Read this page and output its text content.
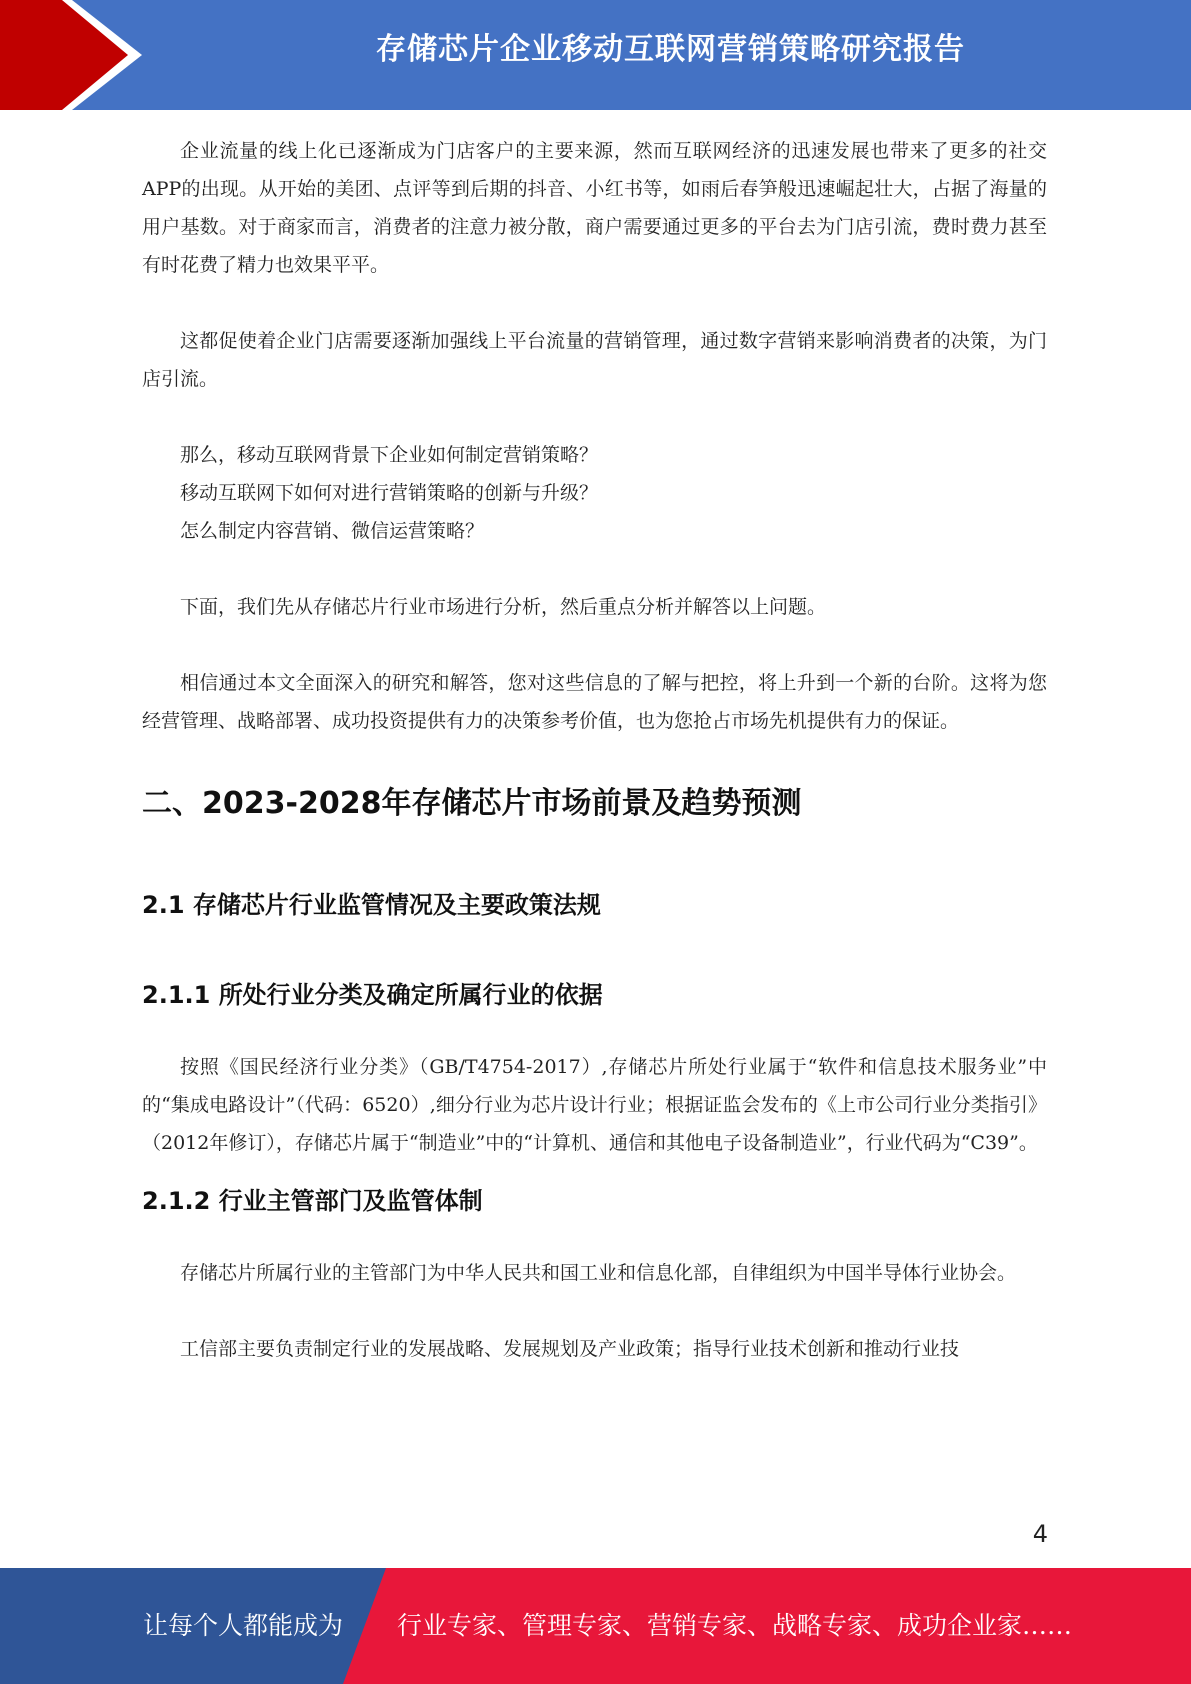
存储芯片企业移动互联网营销策略研究报告

企业流量的线上化已逐渐成为门店客户的主要来源，然而互联网经济的迅速发展也带来了更多的社交APP的出现。从开始的美团、点评等到后期的抖音、小红书等，如雨后春笋般迅速崛起壮大，占据了海量的用户基数。对于商家而言，消费者的注意力被分散，商户需要通过更多的平台去为门店引流，费时费力甚至有时花费了精力也效果平平。

这都促使着企业门店需要逐渐加强线上平台流量的营销管理，通过数字营销来影响消费者的决策，为门店引流。

那么，移动互联网背景下企业如何制定营销策略？

移动互联网下如何对进行营销策略的创新与升级？

怎么制定内容营销、微信运营策略？

下面，我们先从存储芯片行业市场进行分析，然后重点分析并解答以上问题。

相信通过本文全面深入的研究和解答，您对这些信息的了解与把控，将上升到一个新的台阶。这将为您经营管理、战略部署、成功投资提供有力的决策参考价值，也为您抢占市场先机提供有力的保证。

二、2023-2028年存储芯片市场前景及趋势预测
2.1 存储芯片行业监管情况及主要政策法规
2.1.1 所处行业分类及确定所属行业的依据

按照《国民经济行业分类》（GB/T4754-2017）,存储芯片所处行业属于“软件和信息技术服务业”中的“集成电路设计”（代码：6520）,细分行业为芯片设计行业；根据证监会发布的《上市公司行业分类指引》（2012年修订），存储芯片属于“制造业”中的“计算机、通信和其他电子设备制造业”，行业代码为“C39”。

2.1.2 行业主管部门及监管体制

存储芯片所属行业的主管部门为中华人民共和国工业和信息化部，自律组织为中国半导体行业协会。

工信部主要负责制定行业的发展战略、发展规划及产业政策；指导行业技术创新和推动行业技

4
让每个人都能成为 行业专家、管理专家、营销专家、战略专家、成功企业家……
